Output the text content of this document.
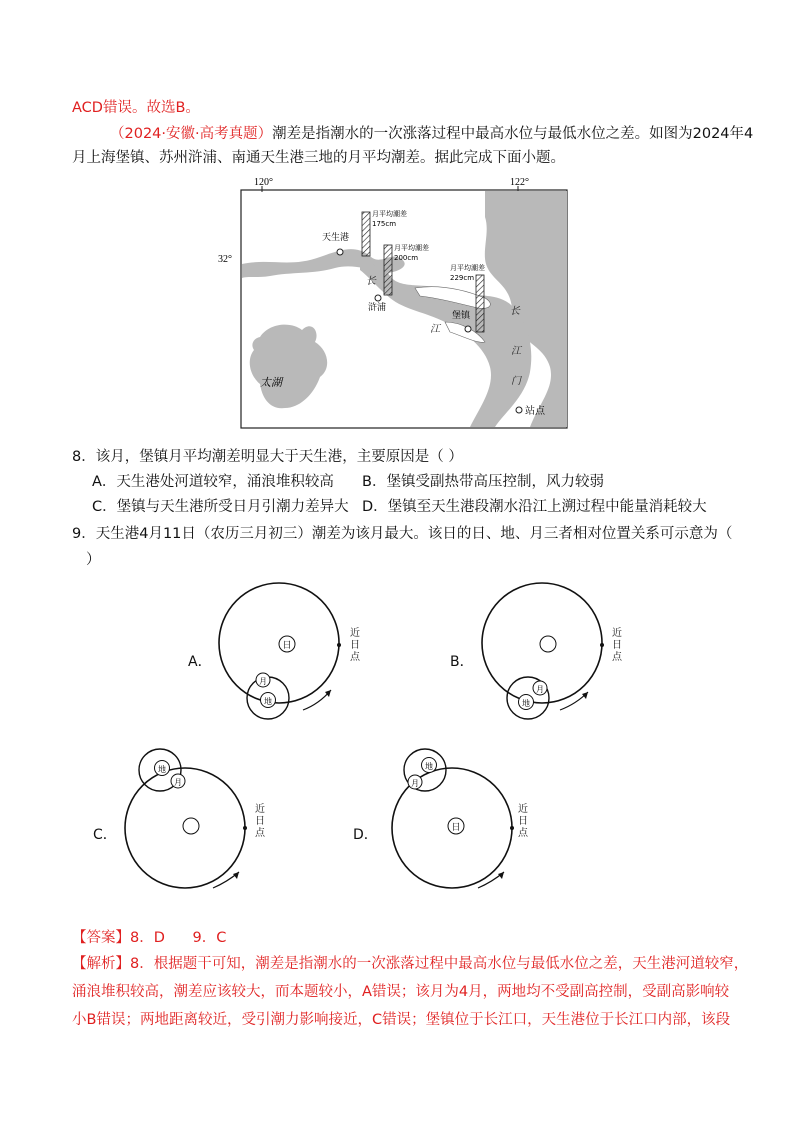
ACD错误。故选B。
（2024·安徽·高考真题）潮差是指潮水的一次涨落过程中最高水位与最低水位之差。如图为2024年4
月上海堡镇、苏州浒浦、南通天生港三地的月平均潮差。据此完成下面小题。
120°	122°
32°
太湖
长
江
长
江
门
月平均潮差
175cm
月平均潮差
200cm
月平均潮差
229cm
天生港
浒浦
堡镇
站点
8．该月，堡镇月平均潮差明显大于天生港，主要原因是（ ）
A．天生港处河道较窄，涌浪堆积较高 B．堡镇受副热带高压控制，风力较弱
C．堡镇与天生港所受日月引潮力差异大 D．堡镇至天生港段潮水沿江上溯过程中能量消耗较大
9．天生港4月11日（农历三月初三）潮差为该月最大。该日的日、地、月三者相对位置关系可示意为（
）
A．
日
地
月
近
日
点	B．
地
月
近
日
点
C．
地
月
近
日
点	D．	日
地
月
近
日
点
【答案】8．D      9．C
【解析】8．根据题干可知，潮差是指潮水的一次涨落过程中最高水位与最低水位之差，天生港河道较窄，
涌浪堆积较高，潮差应该较大，而本题较小，A错误；该月为4月，两地均不受副高控制，受副高影响较
小B错误；两地距离较近，受引潮力影响接近，C错误；堡镇位于长江口，天生港位于长江口内部，该段
